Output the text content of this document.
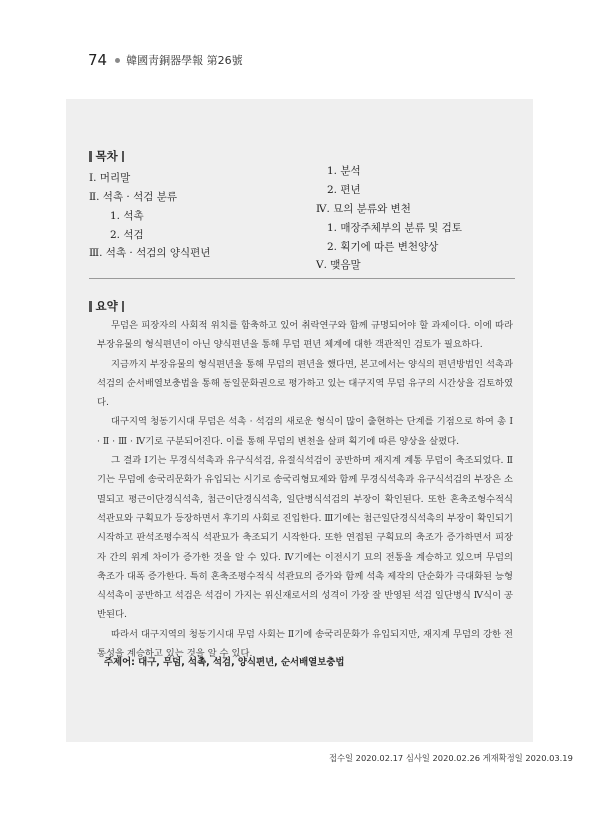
74 韓國靑銅器學報 第26號
목차
Ⅰ. 머리말
Ⅱ. 석촉 · 석검 분류
1. 석촉
2. 석검
Ⅲ. 석촉 · 석검의 양식편년
1. 분석
2. 편년
Ⅳ. 묘의 분류와 변천
1. 매장주체부의 분류 및 검토
2. 획기에 따른 변천양상
Ⅴ. 맺음말
요약

무덤은 피장자의 사회적 위치를 함축하고 있어 취락연구와 함께 규명되어야 할 과제이다. 이에 따라 부장유물의 형식편년이 아닌 양식편년을 통해 무덤 편년 체계에 대한 객관적인 검토가 필요하다.

지금까지 부장유물의 형식편년을 통해 무덤의 편년을 했다면, 본고에서는 양식의 편년방법인 석촉과 석검의 순서배열보충법을 통해 동일문화권으로 평가하고 있는 대구지역 무덤 유구의 시간상을 검토하였다.

대구지역 청동기시대 무덤은 석촉 · 석검의 새로운 형식이 많이 출현하는 단계를 기점으로 하여 총 Ⅰ · Ⅱ · Ⅲ · Ⅳ기로 구분되어진다. 이를 통해 무덤의 변천을 살펴 획기에 따른 양상을 살폈다.

그 결과 Ⅰ기는 무경식석촉과 유구식석검, 유절식석검이 공반하며 재지계 계통 무덤이 축조되었다. Ⅱ기는 무덤에 송국리문화가 유입되는 시기로 송국리형묘제와 함께 무경식석촉과 유구식석검의 부장은 소멸되고 평근이단경식석촉, 첨근이단경식석촉, 일단병식석검의 부장이 확인된다. 또한 혼축조형수적식 석관묘와 구획묘가 등장하면서 후기의 사회로 진입한다. Ⅲ기에는 첨근일단경식석촉의 부장이 확인되기 시작하고 판석조평수적식 석관묘가 축조되기 시작한다. 또한 연접된 구획묘의 축조가 증가하면서 피장자 간의 위계 차이가 증가한 것을 알 수 있다. Ⅳ기에는 이전시기 묘의 전통을 계승하고 있으며 무덤의 축조가 대폭 증가한다. 특히 혼축조평수적식 석관묘의 증가와 함께 석촉 제작의 단순화가 극대화된 능형식석촉이 공반하고 석검은 석검이 가지는 위신재로서의 성격이 가장 잘 반영된 석검 일단병식 Ⅳ식이 공반된다.

따라서 대구지역의 청동기시대 무덤 사회는 Ⅱ기에 송국리문화가 유입되지만, 재지계 무덤의 강한 전통성을 계승하고 있는 것을 알 수 있다.

주제어: 대구, 무덤, 석촉, 석검, 양식편년, 순서배열보충법
접수일 2020.02.17 심사일 2020.02.26 게재확정일 2020.03.19
